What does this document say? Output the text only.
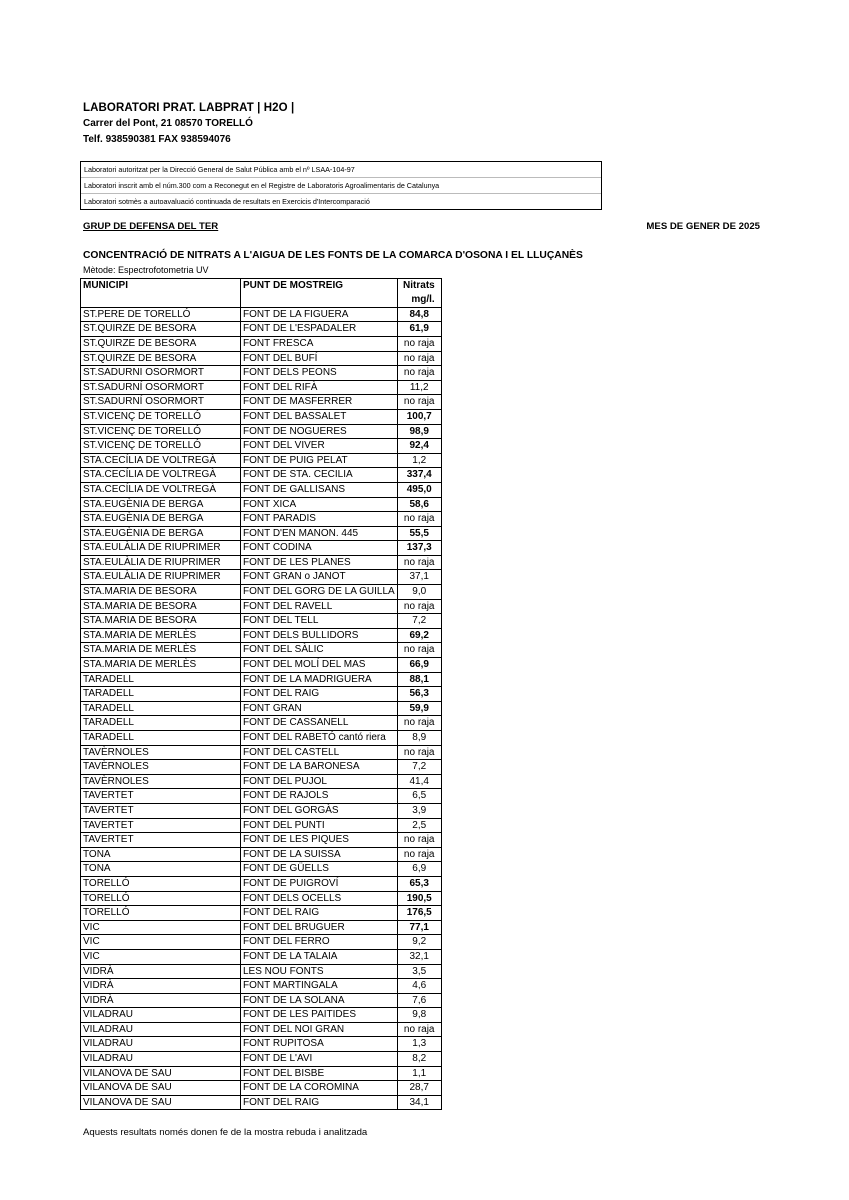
LABORATORI PRAT. LABPRAT | H2O |
Carrer del Pont, 21 08570 TORELLÓ
Telf. 938590381 FAX 938594076
Laboratori autoritzat per la Direcció General de Salut Pública amb el nº LSAA-104-97
Laboratori inscrit amb el núm.300 com a Reconegut en el Registre de Laboratoris Agroalimentaris de Catalunya
Laboratori sotmès a autoavaluació continuada de resultats en Exercicis d'Intercomparació
GRUP DE DEFENSA DEL TER	MES DE GENER DE 2025
CONCENTRACIÓ DE NITRATS A L'AIGUA DE LES FONTS DE LA COMARCA D'OSONA I EL LLUÇANÈS
Mètode: Espectrofotometria UV
MUNICIPI	PUNT DE MOSTREIG	Nitrats
		mg/l.
ST.PERE DE TORELLÓ	FONT DE LA FIGUERA	84,8
ST.QUIRZE DE BESORA	FONT DE L'ESPADALER	61,9
ST.QUIRZE DE BESORA	FONT FRESCA	no raja
ST.QUIRZE DE BESORA	FONT DEL BUFÍ	no raja
ST.SADURNI OSORMORT	FONT DELS PEONS	no raja
ST.SADURNÍ OSORMORT	FONT DEL RIFÀ	11,2
ST.SADURNÍ OSORMORT	FONT DE MASFERRER	no raja
ST.VICENÇ DE TORELLÓ	FONT DEL BASSALET	100,7
ST.VICENÇ DE TORELLÓ	FONT DE NOGUERES	98,9
ST.VICENÇ DE TORELLÓ	FONT DEL VIVER	92,4
STA.CECÍLIA DE VOLTREGÀ	FONT DE PUIG PELAT	1,2
STA.CECÍLIA DE VOLTREGÀ	FONT DE STA. CECILIA	337,4
STA.CECÍLIA DE VOLTREGÀ	FONT DE GALLISANS	495,0
STA.EUGÈNIA DE BERGA	FONT XICA	58,6
STA.EUGÈNIA DE BERGA	FONT PARADIS	no raja
STA.EUGÈNIA DE BERGA	FONT D'EN MANON. 445	55,5
STA.EULÀLIA DE RIUPRIMER	FONT CODINA	137,3
STA.EULÀLIA DE RIUPRIMER	FONT DE LES PLANES	no raja
STA.EULÀLIA DE RIUPRIMER	FONT GRAN o JANOT	37,1
STA.MARIA DE BESORA	FONT DEL GORG DE LA GUILLA	9,0
STA.MARIA DE BESORA	FONT DEL RAVELL	no raja
STA.MARIA DE BESORA	FONT DEL TELL	7,2
STA.MARIA DE MERLÈS	FONT DELS BULLIDORS	69,2
STA.MARIA DE MERLÈS	FONT DEL SÀLIC	no raja
STA.MARIA DE MERLÈS	FONT DEL MOLÍ DEL MAS	66,9
TARADELL	FONT DE LA MADRIGUERA	88,1
TARADELL	FONT DEL RAIG	56,3
TARADELL	FONT GRAN	59,9
TARADELL	FONT DE CASSANELL	no raja
TARADELL	FONT DEL RABETÓ cantó riera	8,9
TAVÈRNOLES	FONT DEL CASTELL	no raja
TAVÈRNOLES	FONT DE LA BARONESA	7,2
TAVÈRNOLES	FONT DEL PUJOL	41,4
TAVERTET	FONT DE RAJOLS	6,5
TAVERTET	FONT DEL GORGÀS	3,9
TAVERTET	FONT DEL PUNTI	2,5
TAVERTET	FONT DE LES PIQUES	no raja
TONA	FONT DE LA SUISSA	no raja
TONA	FONT DE GÜELLS	6,9
TORELLÓ	FONT DE PUIGROVÍ	65,3
TORELLÓ	FONT DELS OCELLS	190,5
TORELLÓ	FONT DEL RAIG	176,5
VIC	FONT DEL BRUGUER	77,1
VIC	FONT DEL FERRO	9,2
VIC	FONT DE LA TALAIA	32,1
VIDRÀ	LES NOU FONTS	3,5
VIDRÀ	FONT MARTINGALA	4,6
VIDRÀ	FONT DE LA SOLANA	7,6
VILADRAU	FONT DE LES PAITIDES	9,8
VILADRAU	FONT DEL NOI GRAN	no raja
VILADRAU	FONT RUPITOSA	1,3
VILADRAU	FONT DE L'AVI	8,2
VILANOVA DE SAU	FONT DEL BISBE	1,1
VILANOVA DE SAU	FONT DE LA COROMINA	28,7
VILANOVA DE SAU	FONT DEL RAIG	34,1
Aquests resultats només donen fe de la mostra rebuda i analitzada
